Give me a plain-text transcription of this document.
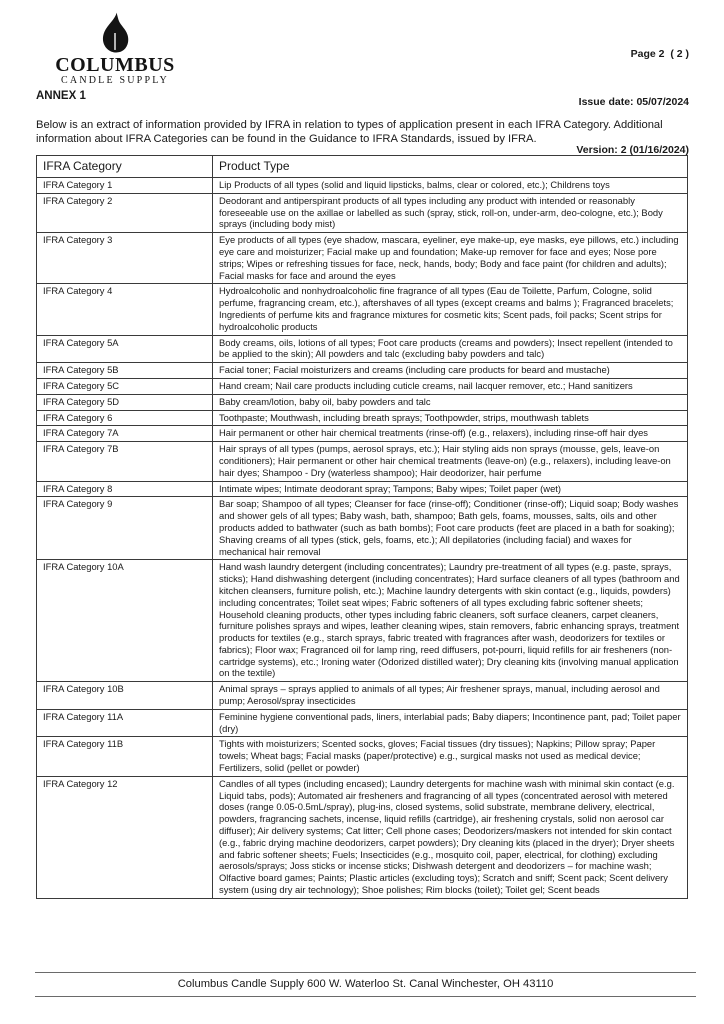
COLUMBUS
CANDLE SUPPLY

Page 2  ( 2 )

Issue date: 05/07/2024

Version: 2 (01/16/2024)

ANNEX 1

Below is an extract of information provided by IFRA in relation to types of application present in each IFRA Category. Additional information about IFRA Categories can be found in the Guidance to IFRA Standards, issued by IFRA.

IFRA Category	Product Type
IFRA Category 1	Lip Products of all types (solid and liquid lipsticks, balms, clear or colored, etc.); Childrens toys
IFRA Category 2	Deodorant and antiperspirant products of all types including any product with intended or reasonably foreseeable use on the axillae or labelled as such (spray, stick, roll-on, under-arm, deo-cologne, etc.); Body sprays (including body mist)
IFRA Category 3	Eye products of all types (eye shadow, mascara, eyeliner, eye make-up, eye masks, eye pillows, etc.) including eye care and moisturizer; Facial make up and foundation; Make-up remover for face and eyes; Nose pore strips; Wipes or refreshing tissues for face, neck, hands, body; Body and face paint (for children and adults); Facial masks for face and around the eyes
IFRA Category 4	Hydroalcoholic and nonhydroalcoholic fine fragrance of all types (Eau de Toilette, Parfum, Cologne, solid perfume, fragrancing cream, etc.), aftershaves of all types (except creams and balms ); Fragranced bracelets; Ingredients of perfume kits and fragrance mixtures for cosmetic kits; Scent pads, foil packs; Scent strips for hydroalcoholic products
IFRA Category 5A	Body creams, oils, lotions of all types; Foot care products (creams and powders); Insect repellent (intended to be applied to the skin); All powders and talc (excluding baby powders and talc)
IFRA Category 5B	Facial toner; Facial moisturizers and creams (including care products for beard and mustache)
IFRA Category 5C	Hand cream; Nail care products including cuticle creams, nail lacquer remover, etc.; Hand sanitizers
IFRA Category 5D	Baby cream/lotion, baby oil, baby powders and talc
IFRA Category 6	Toothpaste; Mouthwash, including breath sprays; Toothpowder, strips, mouthwash tablets
IFRA Category 7A	Hair permanent or other hair chemical treatments (rinse-off) (e.g., relaxers), including rinse-off hair dyes
IFRA Category 7B	Hair sprays of all types (pumps, aerosol sprays, etc.); Hair styling aids non sprays (mousse, gels, leave-on conditioners); Hair permanent or other hair chemical treatments (leave-on) (e.g., relaxers), including leave-on hair dyes; Shampoo - Dry (waterless shampoo); Hair deodorizer, hair perfume
IFRA Category 8	Intimate wipes; Intimate deodorant spray; Tampons; Baby wipes; Toilet paper (wet)
IFRA Category 9	Bar soap; Shampoo of all types; Cleanser for face (rinse-off); Conditioner (rinse-off); Liquid soap; Body washes and shower gels of all types; Baby wash, bath, shampoo; Bath gels, foams, mousses, salts, oils and other products added to bathwater (such as bath bombs); Foot care products (feet are placed in a bath for soaking); Shaving creams of all types (stick, gels, foams, etc.); All depilatories (including facial) and waxes for mechanical hair removal
IFRA Category 10A	Hand wash laundry detergent (including concentrates); Laundry pre-treatment of all types (e.g. paste, sprays, sticks); Hand dishwashing detergent (including concentrates); Hard surface cleaners of all types (bathroom and kitchen cleansers, furniture polish, etc.); Machine laundry detergents with skin contact (e.g., liquids, powders) including concentrates; Toilet seat wipes; Fabric softeners of all types excluding fabric softener sheets; Household cleaning products, other types including fabric cleaners, soft surface cleaners, carpet cleaners, furniture polishes sprays and wipes, leather cleaning wipes, stain removers, fabric enhancing sprays, treatment products for textiles (e.g., starch sprays, fabric treated with fragrances after wash, deodorizers for textiles or fabrics); Floor wax; Fragranced oil for lamp ring, reed diffusers, pot-pourri, liquid refills for air fresheners (non-cartridge systems), etc.; Ironing water (Odorized distilled water); Dry cleaning kits (involving manual application on the textile)
IFRA Category 10B	Animal sprays – sprays applied to animals of all types; Air freshener sprays, manual, including aerosol and pump; Aerosol/spray insecticides
IFRA Category 11A	Feminine hygiene conventional pads, liners, interlabial pads; Baby diapers; Incontinence pant, pad; Toilet paper (dry)
IFRA Category 11B	Tights with moisturizers; Scented socks, gloves; Facial tissues (dry tissues); Napkins; Pillow spray; Paper towels; Wheat bags; Facial masks (paper/protective) e.g., surgical masks not used as medical device; Fertilizers, solid (pellet or powder)
IFRA Category 12	Candles of all types (including encased); Laundry detergents for machine wash with minimal skin contact (e.g. Liquid tabs, pods); Automated air fresheners and fragrancing of all types (concentrated aerosol with metered doses (range 0.05-0.5mL/spray), plug-ins, closed systems, solid substrate, membrane delivery, electrical, powders, fragrancing sachets, incense, liquid refills (cartridge), air freshening crystals, solid non aerosol car diffuser); Air delivery systems; Cat litter; Cell phone cases; Deodorizers/maskers not intended for skin contact (e.g., fabric drying machine deodorizers, carpet powders); Dry cleaning kits (placed in the dryer); Dryer sheets and fabric softener sheets; Fuels; Insecticides (e.g., mosquito coil, paper, electrical, for clothing) excluding aerosols/sprays; Joss sticks or incense sticks; Dishwash detergent and deodorizers – for machine wash; Olfactive board games; Paints; Plastic articles (excluding toys); Scratch and sniff; Scent pack; Scent delivery system (using dry air technology); Shoe polishes; Rim blocks (toilet); Toilet gel; Scent beads
Columbus Candle Supply 600 W. Waterloo St. Canal Winchester, OH 43110
